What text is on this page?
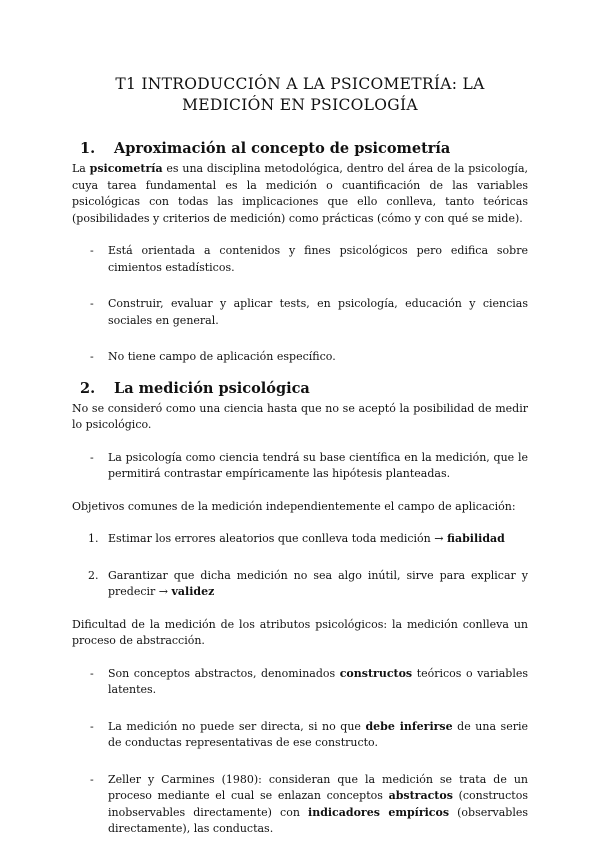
T1 INTRODUCCIÓN A LA PSICOMETRÍA: LA
MEDICIÓN EN PSICOLOGÍA
1.	Aproximación al concepto de psicometría

La psicometría es una disciplina metodológica, dentro del área de la psicología, cuya tarea fundamental es la medición o cuantificación de las variables psicológicas con todas las implicaciones que ello conlleva, tanto teóricas (posibilidades y criterios de medición) como prácticas (cómo y con qué se mide).

- Está orientada a contenidos y fines psicológicos pero edifica sobre cimientos estadísticos.
- Construir, evaluar y aplicar tests, en psicología, educación y ciencias sociales en general.
- No tiene campo de aplicación específico.
2.	La medición psicológica

No se consideró como una ciencia hasta que no se aceptó la posibilidad de medir lo psicológico.

- La psicología como ciencia tendrá su base científica en la medición, que le permitirá contrastar empíricamente las hipótesis planteadas.

Objetivos comunes de la medición independientemente el campo de aplicación:

1. Estimar los errores aleatorios que conlleva toda medición → fiabilidad
2. Garantizar que dicha medición no sea algo inútil, sirve para explicar y predecir → validez

Dificultad de la medición de los atributos psicológicos: la medición conlleva un proceso de abstracción.

- Son conceptos abstractos, denominados constructos teóricos o variables latentes.
- La medición no puede ser directa, si no que debe inferirse de una serie de conductas representativas de ese constructo.
- Zeller y Carmines (1980): consideran que la medición se trata de un proceso mediante el cual se enlazan conceptos abstractos (constructos inobservables directamente) con indicadores empíricos (observables directamente), las conductas.
